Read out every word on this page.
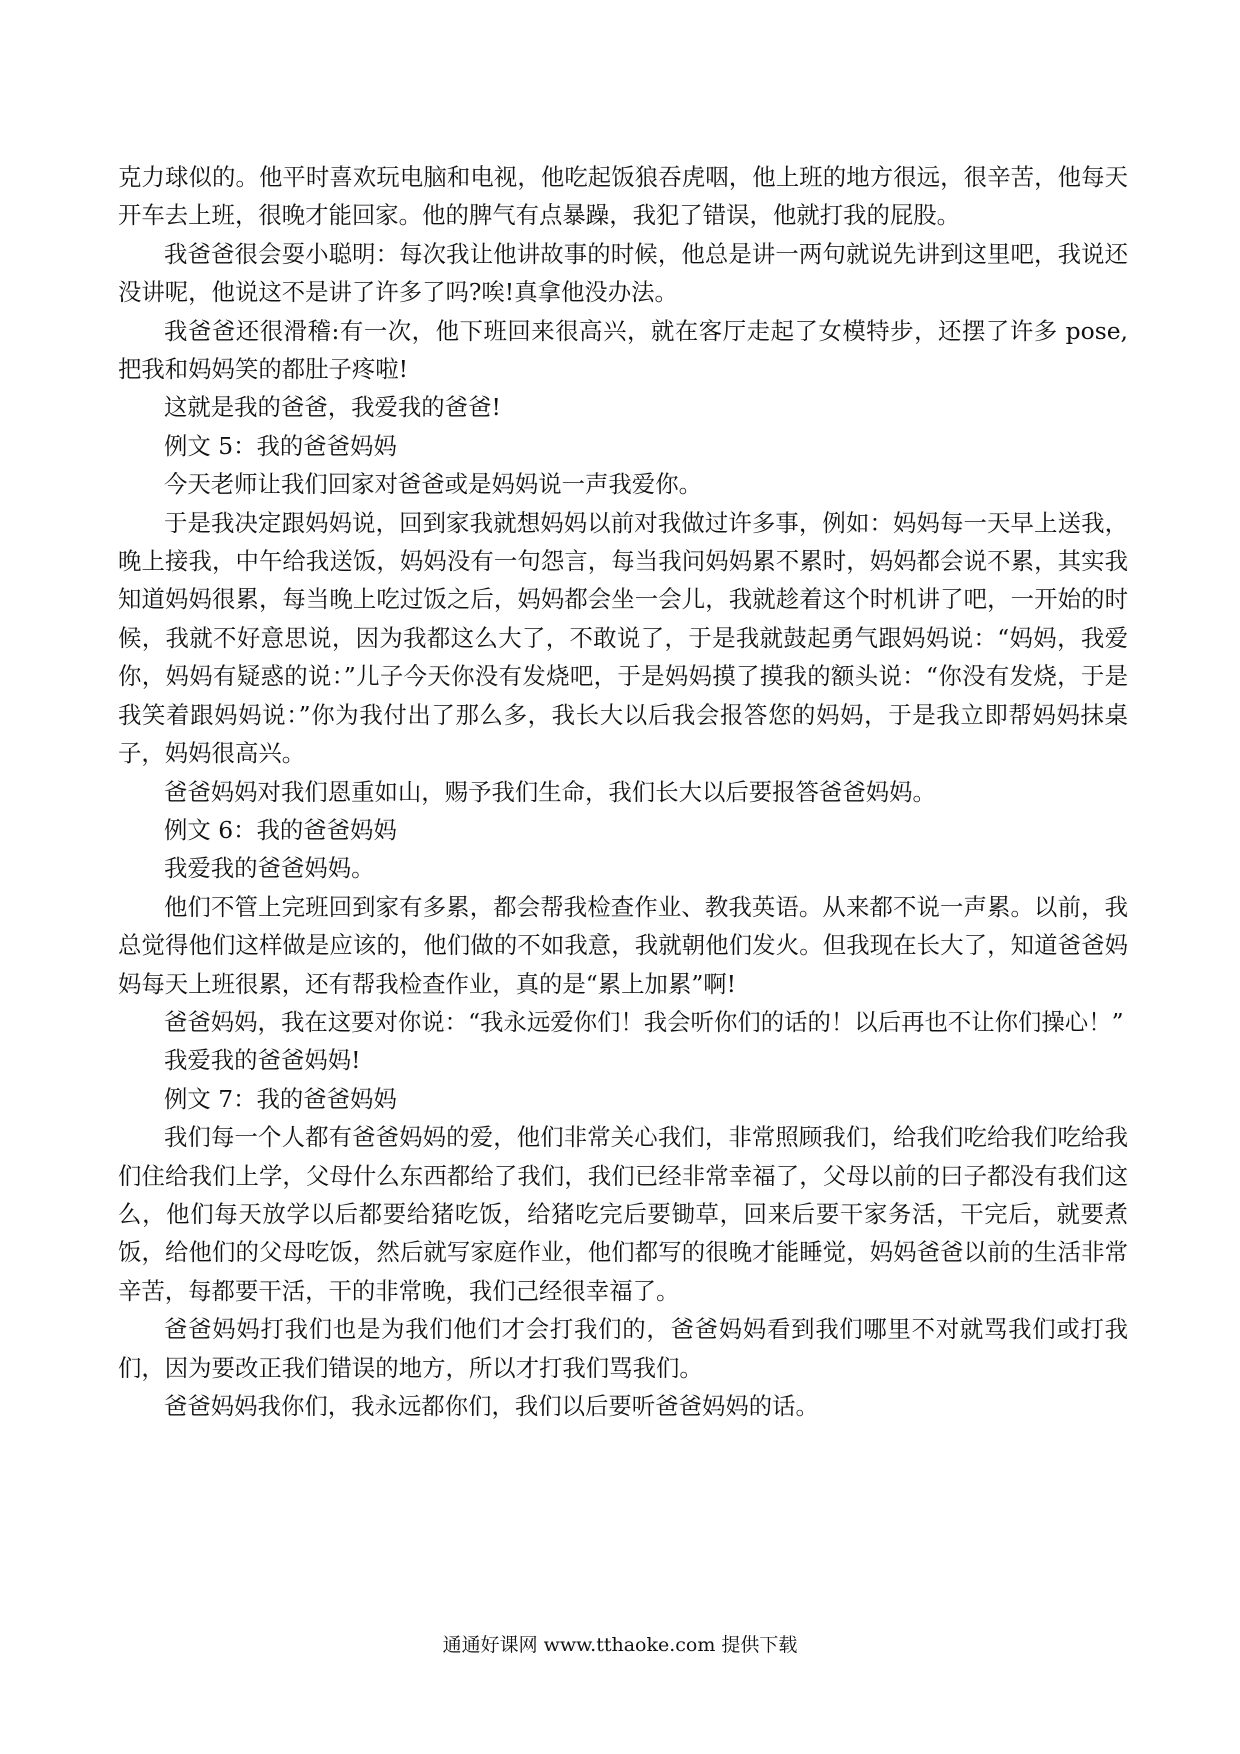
克力球似的。他平时喜欢玩电脑和电视，他吃起饭狼吞虎咽，他上班的地方很远，很辛苦，他每天开车去上班，很晚才能回家。他的脾气有点暴躁，我犯了错误，他就打我的屁股。

我爸爸很会耍小聪明：每次我让他讲故事的时候，他总是讲一两句就说先讲到这里吧，我说还没讲呢，他说这不是讲了许多了吗?唉!真拿他没办法。

我爸爸还很滑稽:有一次，他下班回来很高兴，就在客厅走起了女模特步，还摆了许多 pose,把我和妈妈笑的都肚子疼啦!

这就是我的爸爸，我爱我的爸爸!

例文 5：我的爸爸妈妈

今天老师让我们回家对爸爸或是妈妈说一声我爱你。

于是我决定跟妈妈说，回到家我就想妈妈以前对我做过许多事，例如：妈妈每一天早上送我，晚上接我，中午给我送饭，妈妈没有一句怨言，每当我问妈妈累不累时，妈妈都会说不累，其实我知道妈妈很累，每当晚上吃过饭之后，妈妈都会坐一会儿，我就趁着这个时机讲了吧，一开始的时候，我就不好意思说，因为我都这么大了，不敢说了，于是我就鼓起勇气跟妈妈说：“妈妈，我爱你，妈妈有疑惑的说：”儿子今天你没有发烧吧，于是妈妈摸了摸我的额头说：“你没有发烧，于是我笑着跟妈妈说：”你为我付出了那么多，我长大以后我会报答您的妈妈，于是我立即帮妈妈抹桌子，妈妈很高兴。

爸爸妈妈对我们恩重如山，赐予我们生命，我们长大以后要报答爸爸妈妈。

例文 6：我的爸爸妈妈

我爱我的爸爸妈妈。

他们不管上完班回到家有多累，都会帮我检查作业、教我英语。从来都不说一声累。以前，我总觉得他们这样做是应该的，他们做的不如我意，我就朝他们发火。但我现在长大了，知道爸爸妈妈每天上班很累，还有帮我检查作业，真的是“累上加累”啊!

爸爸妈妈，我在这要对你说：“我永远爱你们！我会听你们的话的！以后再也不让你们操心！”

我爱我的爸爸妈妈!

例文 7：我的爸爸妈妈

我们每一个人都有爸爸妈妈的爱，他们非常关心我们，非常照顾我们，给我们吃给我们吃给我们住给我们上学，父母什么东西都给了我们，我们已经非常幸福了，父母以前的曰子都没有我们这么，他们每天放学以后都要给猪吃饭，给猪吃完后要锄草，回来后要干家务活，干完后，就要煮饭，给他们的父母吃饭，然后就写家庭作业，他们都写的很晚才能睡觉，妈妈爸爸以前的生活非常辛苦，每都要干活，干的非常晚，我们己经很幸福了。

爸爸妈妈打我们也是为我们他们才会打我们的，爸爸妈妈看到我们哪里不对就骂我们或打我们，因为要改正我们错误的地方，所以才打我们骂我们。

爸爸妈妈我你们，我永远都你们，我们以后要听爸爸妈妈的话。

通通好课网 www.tthaoke.com 提供下载
